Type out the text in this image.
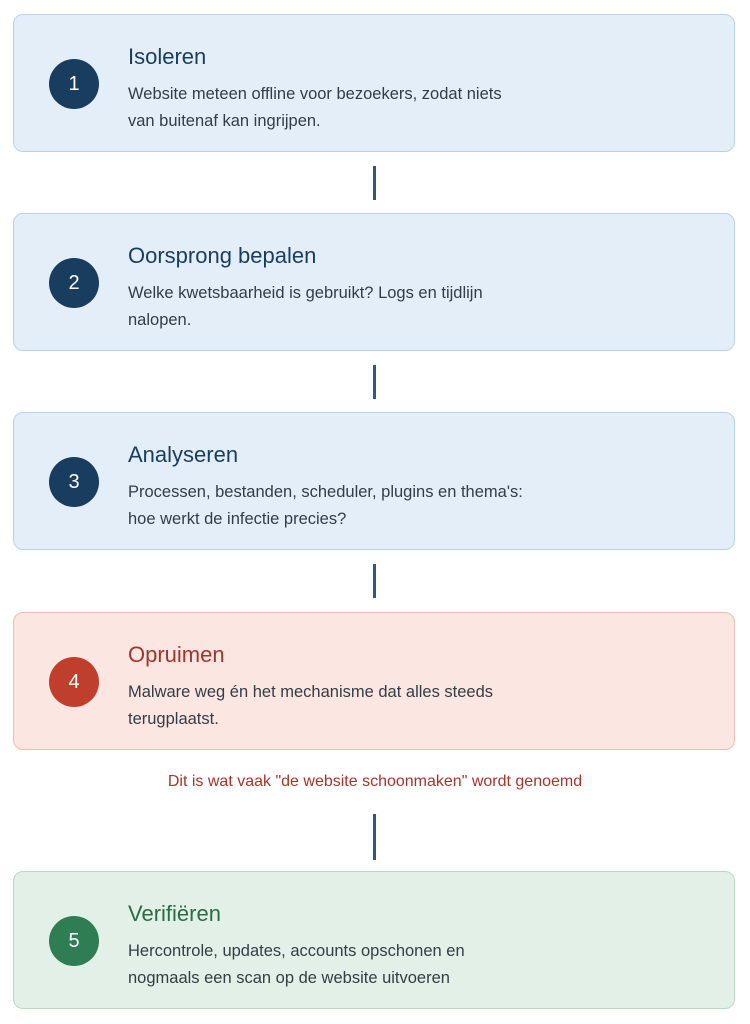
1
Isoleren
Website meteen offline voor bezoekers, zodat niets van buitenaf kan ingrijpen.
2
Oorsprong bepalen
Welke kwetsbaarheid is gebruikt? Logs en tijdlijn nalopen.
3
Analyseren
Processen, bestanden, scheduler, plugins en thema's: hoe werkt de infectie precies?
4
Opruimen
Malware weg én het mechanisme dat alles steeds terugplaatst.
Dit is wat vaak "de website schoonmaken" wordt genoemd
5
Verifiëren
Hercontrole, updates, accounts opschonen en nogmaals een scan op de website uitvoeren
